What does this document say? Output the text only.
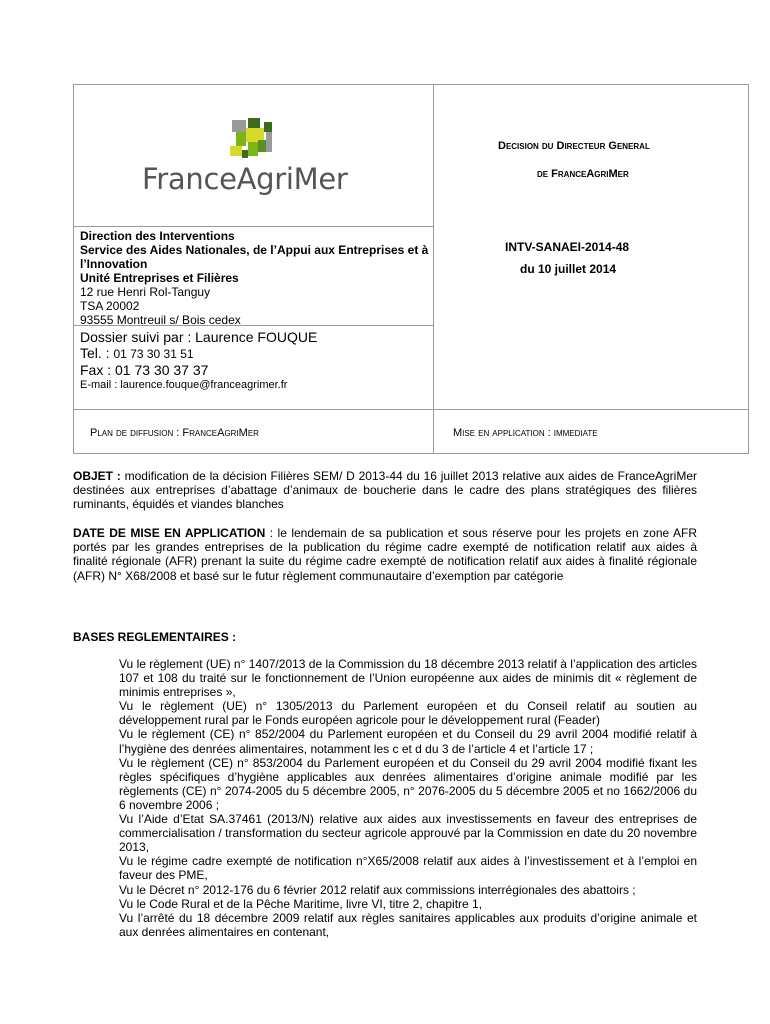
FranceAgriMer
Decision du Directeur General
de FranceAgriMer
Direction des Interventions
Service des Aides Nationales, de l’Appui aux Entreprises et à l’Innovation
Unité Entreprises et Filières
12 rue Henri Rol-Tanguy
TSA 20002
93555 Montreuil s/ Bois cedex
Dossier suivi par : Laurence FOUQUE
Tel. : 01 73 30 31 51
Fax : 01 73 30 37 37
E-mail : laurence.fouque@franceagrimer.fr
INTV-SANAEI-2014-48
du 10 juillet 2014
Plan de diffusion : FranceAgriMer	Mise en application : immediate
OBJET : modification de la décision Filières SEM/ D 2013-44 du 16 juillet 2013 relative aux aides de FranceAgriMer destinées aux entreprises d’abattage d’animaux de boucherie dans le cadre des plans stratégiques des filières ruminants, équidés et viandes blanches
DATE DE MISE EN APPLICATION : le lendemain de sa publication et sous réserve pour les projets en zone AFR portés par les grandes entreprises de la publication du régime cadre exempté de notification relatif aux aides à finalité régionale (AFR) prenant la suite du régime cadre exempté de notification relatif aux aides à finalité régionale (AFR) N° X68/2008 et basé sur le futur règlement communautaire d’exemption par catégorie
BASES REGLEMENTAIRES :
Vu le règlement (UE) n° 1407/2013 de la Commission du 18 décembre 2013 relatif à l’application des articles 107 et 108 du traité sur le fonctionnement de l’Union européenne aux aides de minimis dit « règlement de minimis entreprises »,
Vu le règlement (UE) n° 1305/2013 du Parlement européen et du Conseil relatif au soutien au développement rural par le Fonds européen agricole pour le développement rural (Feader)
Vu le règlement (CE) n° 852/2004 du Parlement européen et du Conseil du 29 avril 2004 modifié relatif à l’hygiène des denrées alimentaires, notamment les c et d du 3 de l’article 4 et l’article 17 ;
Vu le règlement (CE) n° 853/2004 du Parlement européen et du Conseil du 29 avril 2004 modifié fixant les règles spécifiques d’hygiène applicables aux denrées alimentaires d’origine animale modifié par les règlements (CE) n° 2074-2005 du 5 décembre 2005, n° 2076-2005 du 5 décembre 2005 et no 1662/2006 du 6 novembre 2006 ;
Vu l’Aide d’Etat SA.37461 (2013/N) relative aux aides aux investissements en faveur des entreprises de commercialisation / transformation du secteur agricole approuvé par la Commission en date du 20 novembre 2013,
Vu le régime cadre exempté de notification n°X65/2008 relatif aux aides à l’investissement et à l’emploi en faveur des PME,
Vu le Décret n° 2012-176 du 6 février 2012 relatif aux commissions interrégionales des abattoirs ;
Vu le Code Rural et de la Pêche Maritime, livre VI, titre 2, chapitre 1,
Vu l’arrêté du 18 décembre 2009 relatif aux règles sanitaires applicables aux produits d’origine animale et aux denrées alimentaires en contenant,
